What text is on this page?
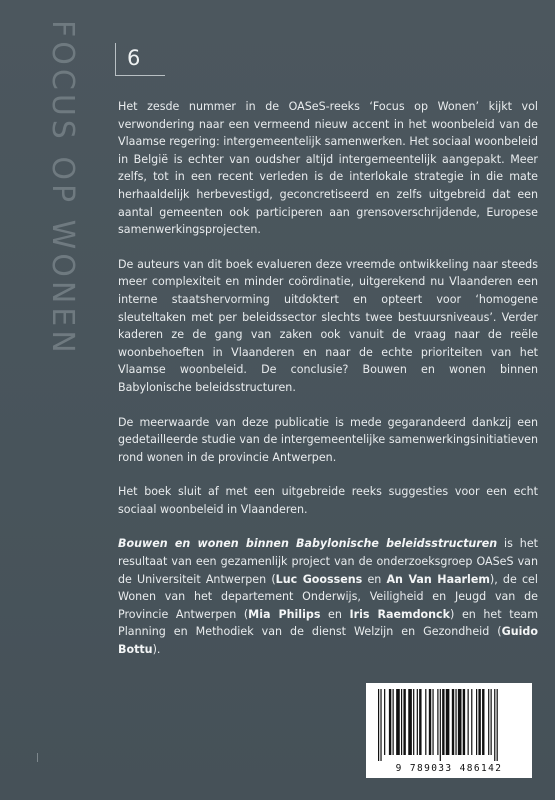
FOCUS OP WONEN 6

Het zesde nummer in de OASeS-reeks ‘Focus op Wonen’ kijkt vol verwondering naar een vermeend nieuw accent in het woonbeleid van de Vlaamse regering: intergemeentelijk samenwerken. Het sociaal woonbeleid in België is echter van oudsher altijd intergemeentelijk aangepakt. Meer zelfs, tot in een recent verleden is de interlokale strategie in die mate herhaaldelijk herbevestigd, geconcretiseerd en zelfs uitgebreid dat een aantal gemeenten ook participeren aan grensoverschrijdende, Europese samenwerkingsprojecten.

De auteurs van dit boek evalueren deze vreemde ontwikkeling naar steeds meer complexiteit en minder coördinatie, uitgerekend nu Vlaanderen een interne staatshervorming uitdoktert en opteert voor ‘homogene sleuteltaken met per beleidssector slechts twee bestuursniveaus’. Verder kaderen ze de gang van zaken ook vanuit de vraag naar de reële woonbehoeften in Vlaanderen en naar de echte prioriteiten van het Vlaamse woonbeleid. De conclusie? Bouwen en wonen binnen Babylonische beleidsstructuren.

De meerwaarde van deze publicatie is mede gegarandeerd dankzij een gedetailleerde studie van de intergemeentelijke samenwerkingsinitiatieven rond wonen in de provincie Antwerpen.

Het boek sluit af met een uitgebreide reeks suggesties voor een echt sociaal woonbeleid in Vlaanderen.

Bouwen en wonen binnen Babylonische beleidsstructuren is het resultaat van een gezamenlijk project van de onderzoeksgroep OASeS van de Universiteit Antwerpen (Luc Goossens en An Van Haarlem), de cel Wonen van het departement Onderwijs, Veiligheid en Jeugd van de Provincie Antwerpen (Mia Philips en Iris Raemdonck) en het team Planning en Methodiek van de dienst Welzijn en Gezondheid (Guido Bottu).

9 789033 486142
